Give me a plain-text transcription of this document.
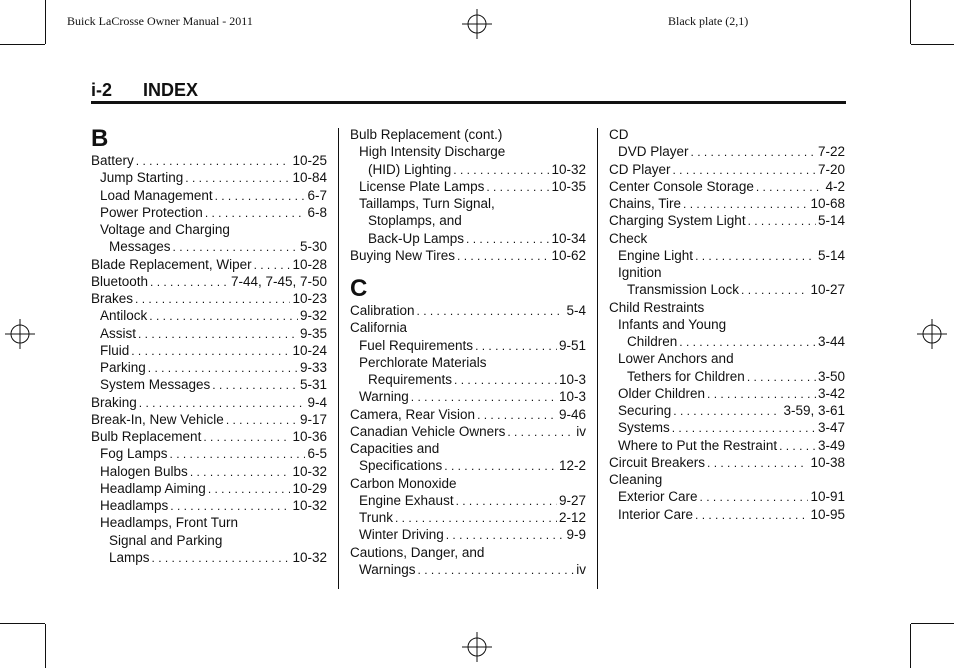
Buick LaCrosse Owner Manual - 2011	Black plate (2,1)
i-2 INDEX
B
Battery . . .	10-25
Jump Starting . . .	10-84
Load Management . . .	6-7
Power Protection . . .	6-8
Voltage and Charging
Messages . . .	5-30
Blade Replacement, Wiper . . .	10-28
Bluetooth . . .	7-44, 7-45, 7-50
Brakes . . .	10-23
Antilock . . .	9-32
Assist . . .	9-35
Fluid . . .	10-24
Parking . . .	9-33
System Messages . . .	5-31
Braking . . .	9-4
Break-In, New Vehicle . . .	9-17
Bulb Replacement . . .	10-36
Fog Lamps . . .	6-5
Halogen Bulbs . . .	10-32
Headlamp Aiming . . .	10-29
Headlamps . . .	10-32
Headlamps, Front Turn
Signal and Parking
Lamps . . .	10-32
Bulb Replacement (cont.)
High Intensity Discharge
(HID) Lighting . . .	10-32
License Plate Lamps . . .	10-35
Taillamps, Turn Signal,
Stoplamps, and
Back-Up Lamps . . .	10-34
Buying New Tires . . .	10-62
C
Calibration . . .	5-4
California
Fuel Requirements . . .	9-51
Perchlorate Materials
Requirements . . .	10-3
Warning . . .	10-3
Camera, Rear Vision . . .	9-46
Canadian Vehicle Owners . . .	iv
Capacities and
Specifications . . .	12-2
Carbon Monoxide
Engine Exhaust . . .	9-27
Trunk . . .	2-12
Winter Driving . . .	9-9
Cautions, Danger, and
Warnings . . .	iv
CD
DVD Player . . .	7-22
CD Player . . .	7-20
Center Console Storage . . .	4-2
Chains, Tire . . .	10-68
Charging System Light . . .	5-14
Check
Engine Light . . .	5-14
Ignition
Transmission Lock . . .	10-27
Child Restraints
Infants and Young
Children . . .	3-44
Lower Anchors and
Tethers for Children . . .	3-50
Older Children . . .	3-42
Securing . . .	3-59, 3-61
Systems . . .	3-47
Where to Put the Restraint . . .	3-49
Circuit Breakers . . .	10-38
Cleaning
Exterior Care . . .	10-91
Interior Care . . .	10-95
